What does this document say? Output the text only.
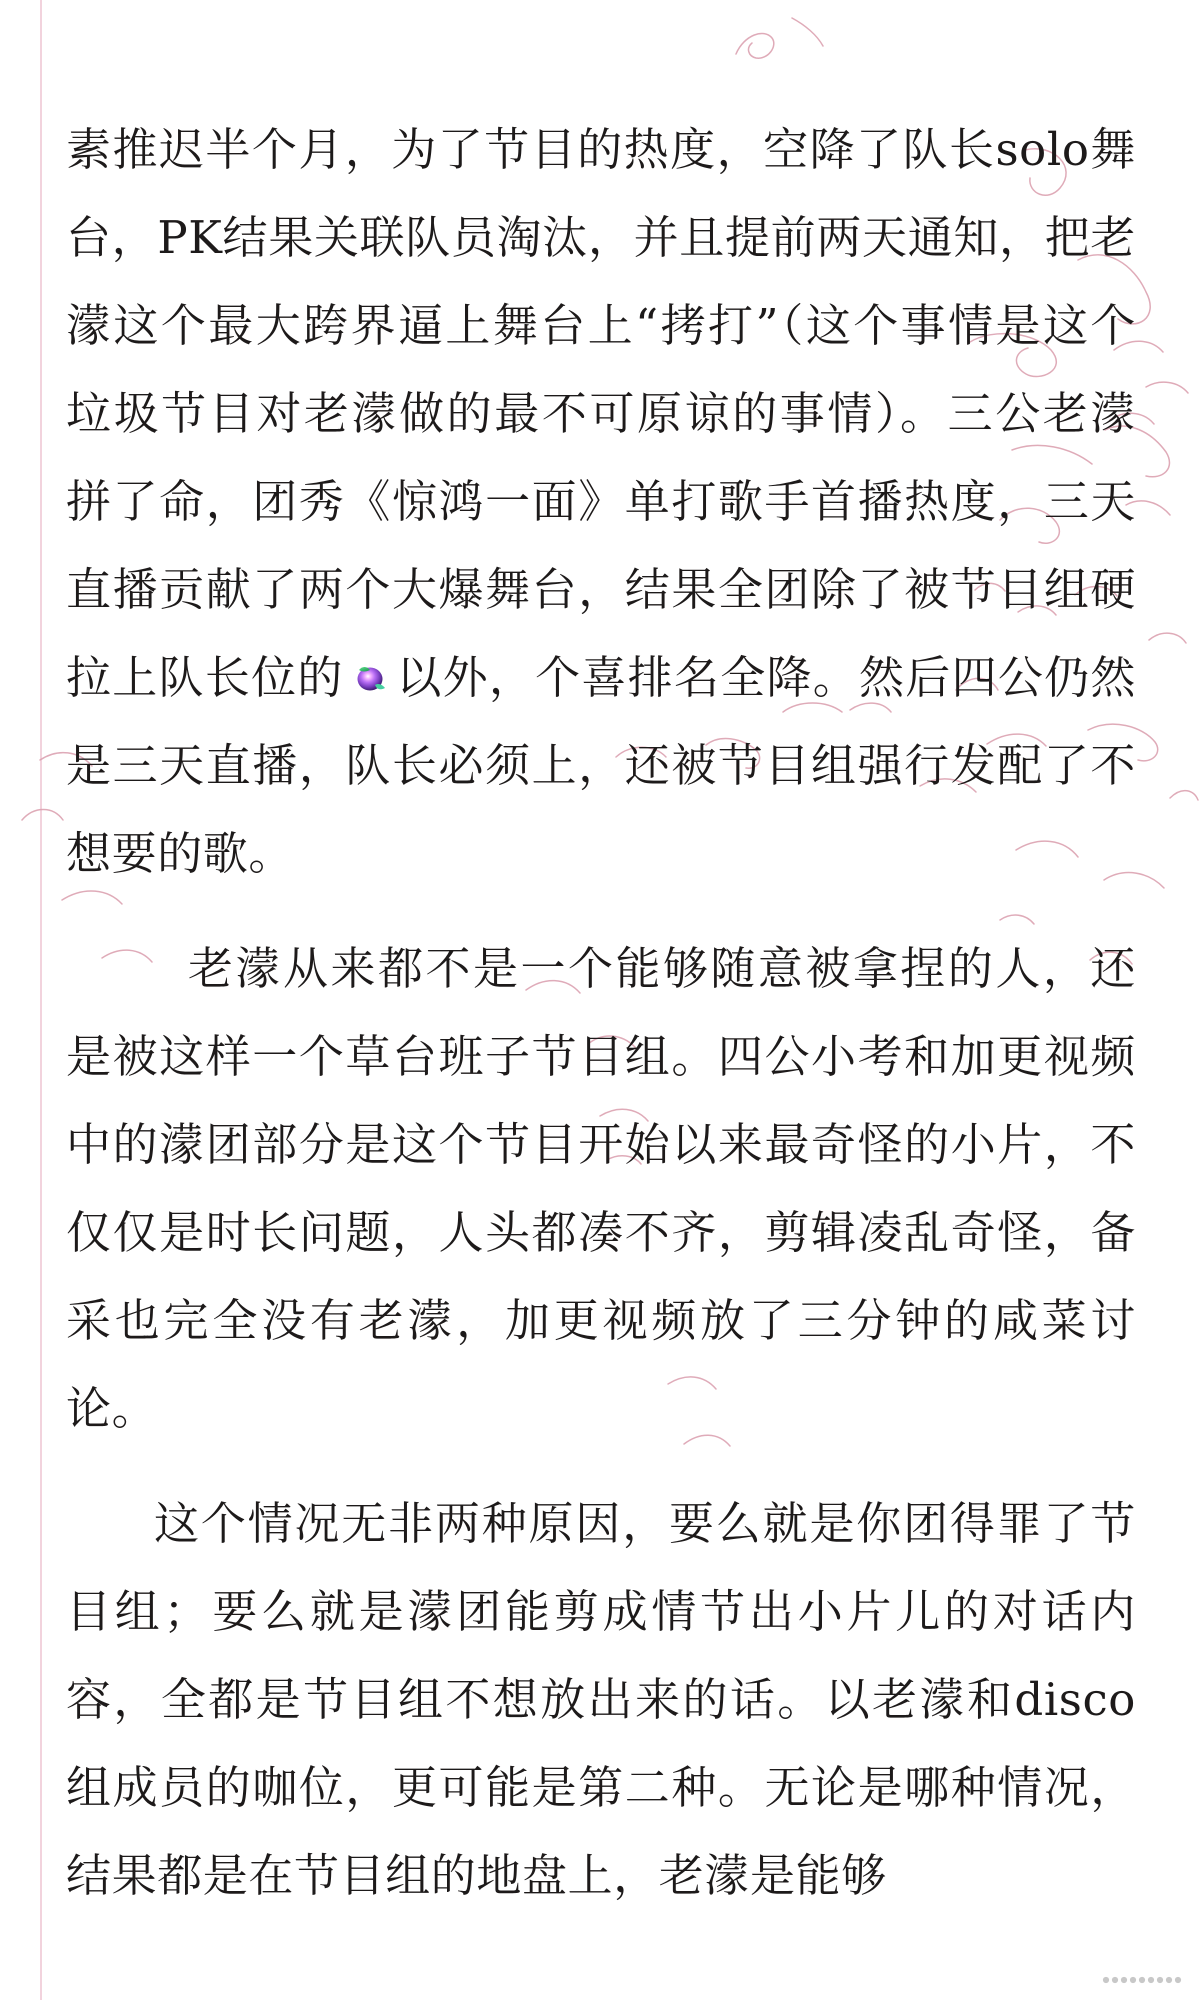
素推迟半个月，为了节目的热度，空降了队长solo舞台，PK结果关联队员淘汰，并且提前两天通知，把老濛这个最大跨界逼上舞台上“拷打”（这个事情是这个垃圾节目对老濛做的最不可原谅的事情）。三公老濛拼了命，团秀《惊鸿一面》单打歌手首播热度，三天直播贡献了两个大爆舞台，结果全团除了被节目组硬拉上队长位的 以外，个喜排名全降。然后四公仍然是三天直播，队长必须上，还被节目组强行发配了不想要的歌。

老濛从来都不是一个能够随意被拿捏的人，还是被这样一个草台班子节目组。四公小考和加更视频中的濛团部分是这个节目开始以来最奇怪的小片，不仅仅是时长问题，人头都凑不齐，剪辑凌乱奇怪，备采也完全没有老濛，加更视频放了三分钟的咸菜讨论。

这个情况无非两种原因，要么就是你团得罪了节目组；要么就是濛团能剪成情节出小片儿的对话内容，全都是节目组不想放出来的话。以老濛和disco组成员的咖位，更可能是第二种。无论是哪种情况，结果都是在节目组的地盘上，老濛是能够
